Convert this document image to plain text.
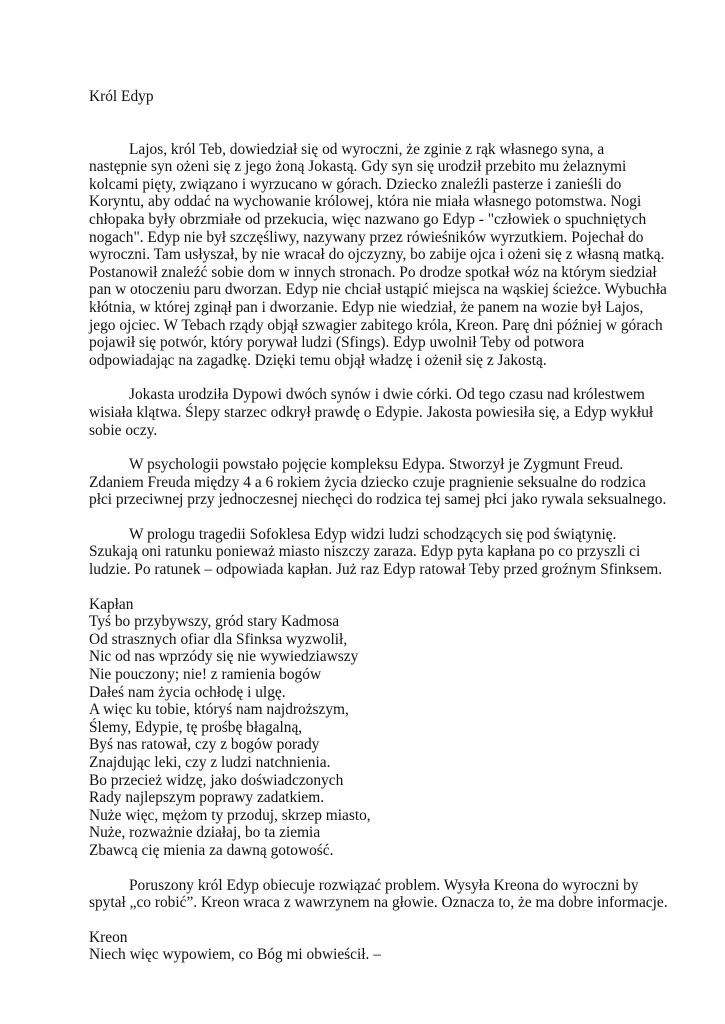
Król Edyp
Lajos, król Teb, dowiedział się od wyroczni, że zginie z rąk własnego syna, a
następnie syn ożeni się z jego żoną Jokastą. Gdy syn się urodził przebito mu żelaznymi
kolcami pięty, związano i wyrzucano w górach. Dziecko znaleźli pasterze i zanieśli do
Koryntu, aby oddać na wychowanie królowej, która nie miała własnego potomstwa. Nogi
chłopaka były obrzmiałe od przekucia, więc nazwano go Edyp - "człowiek o spuchniętych
nogach". Edyp nie był szczęśliwy, nazywany przez rówieśników wyrzutkiem. Pojechał do
wyroczni. Tam usłyszał, by nie wracał do ojczyzny, bo zabije ojca i ożeni się z własną matką.
Postanowił znaleźć sobie dom w innych stronach. Po drodze spotkał wóz na którym siedział
pan w otoczeniu paru dworzan. Edyp nie chciał ustąpić miejsca na wąskiej ścieżce. Wybuchła
kłótnia, w której zginął pan i dworzanie. Edyp nie wiedział, że panem na wozie był Lajos,
jego ojciec. W Tebach rządy objął szwagier zabitego króla, Kreon. Parę dni później w górach
pojawił się potwór, który porywał ludzi (Sfings). Edyp uwolnił Teby od potwora
odpowiadając na zagadkę. Dzięki temu objął władzę i ożenił się z Jakostą.
Jokasta urodziła Dypowi dwóch synów i dwie córki. Od tego czasu nad królestwem
wisiała klątwa. Ślepy starzec odkrył prawdę o Edypie. Jakosta powiesiła się, a Edyp wykłuł
sobie oczy.
W psychologii powstało pojęcie kompleksu Edypa. Stworzył je Zygmunt Freud.
Zdaniem Freuda między 4 a 6 rokiem życia dziecko czuje pragnienie seksualne do rodzica
płci przeciwnej przy jednoczesnej niechęci do rodzica tej samej płci jako rywala seksualnego.
W prologu tragedii Sofoklesa Edyp widzi ludzi schodzących się pod świątynię.
Szukają oni ratunku ponieważ miasto niszczy zaraza. Edyp pyta kapłana po co przyszli ci
ludzie. Po ratunek – odpowiada kapłan. Już raz Edyp ratował Teby przed groźnym Sfinksem.
Kapłan
Tyś bo przybywszy, gród stary Kadmosa
Od strasznych ofiar dla Sfinksa wyzwolił,
Nic od nas wprzódy się nie wywiedziawszy
Nie pouczony; nie! z ramienia bogów
Dałeś nam życia ochłodę i ulgę.
A więc ku tobie, któryś nam najdroższym,
Ślemy, Edypie, tę prośbę błagalną,
Byś nas ratował, czy z bogów porady
Znajdując leki, czy z ludzi natchnienia.
Bo przecież widzę, jako doświadczonych
Rady najlepszym poprawy zadatkiem.
Nuże więc, mężom ty przoduj, skrzep miasto,
Nuże, rozważnie działaj, bo ta ziemia
Zbawcą cię mienia za dawną gotowość.
Poruszony król Edyp obiecuje rozwiązać problem. Wysyła Kreona do wyroczni by
spytał „co robić”. Kreon wraca z wawrzynem na głowie. Oznacza to, że ma dobre informacje.
Kreon
Niech więc wypowiem, co Bóg mi obwieścił. –
